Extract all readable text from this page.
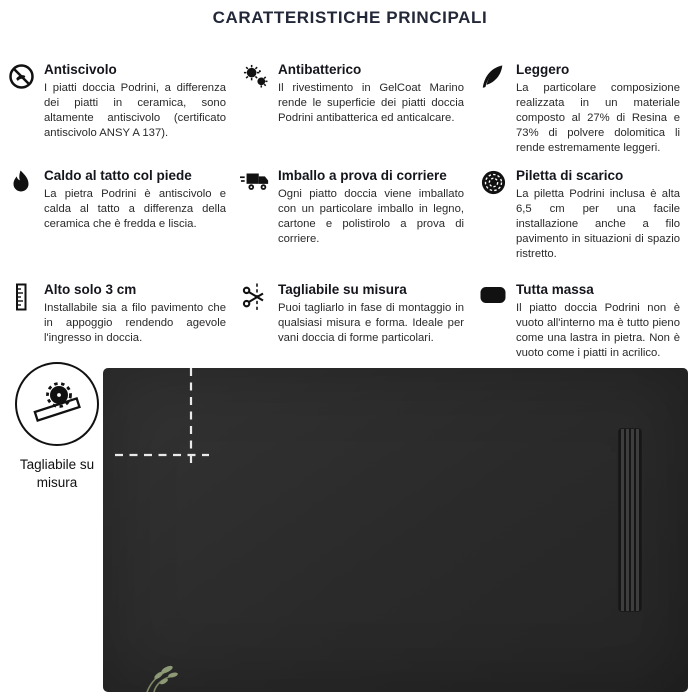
CARATTERISTICHE PRINCIPALI
Antiscivolo
I piatti doccia Podrini, a differenza dei piatti in ceramica, sono altamente antiscivolo (certificato antiscivolo ANSY A 137).
Antibatterico
Il rivestimento in GelCoat Marino rende le superficie dei piatti doccia Podrini antibatterica ed anticalcare.
Leggero
La particolare composizione realizzata in un materiale composto al 27% di Resina e 73% di polvere dolomitica li rende estremamente leggeri.
Caldo al tatto col piede
La pietra Podrini è antiscivolo e calda al tatto a differenza della ceramica che è fredda e liscia.
Imballo a prova di corriere
Ogni piatto doccia viene imballato con un particolare imballo in legno, cartone e polistirolo a prova di corriere.
Piletta di scarico
La piletta Podrini inclusa è alta 6,5 cm per una facile installazione anche a filo pavimento in situazioni di spazio ristretto.
Alto solo 3 cm
Installabile sia a filo pavimento che in appoggio rendendo agevole l'ingresso in doccia.
Tagliabile su misura
Puoi tagliarlo in fase di montaggio in qualsiasi misura e forma. Ideale per vani doccia di forme particolari.
Tutta massa
Il piatto doccia Podrini non è vuoto all'interno ma è tutto pieno come una lastra in pietra. Non è vuoto come i piatti in acrilico.
Tagliabile su misura
